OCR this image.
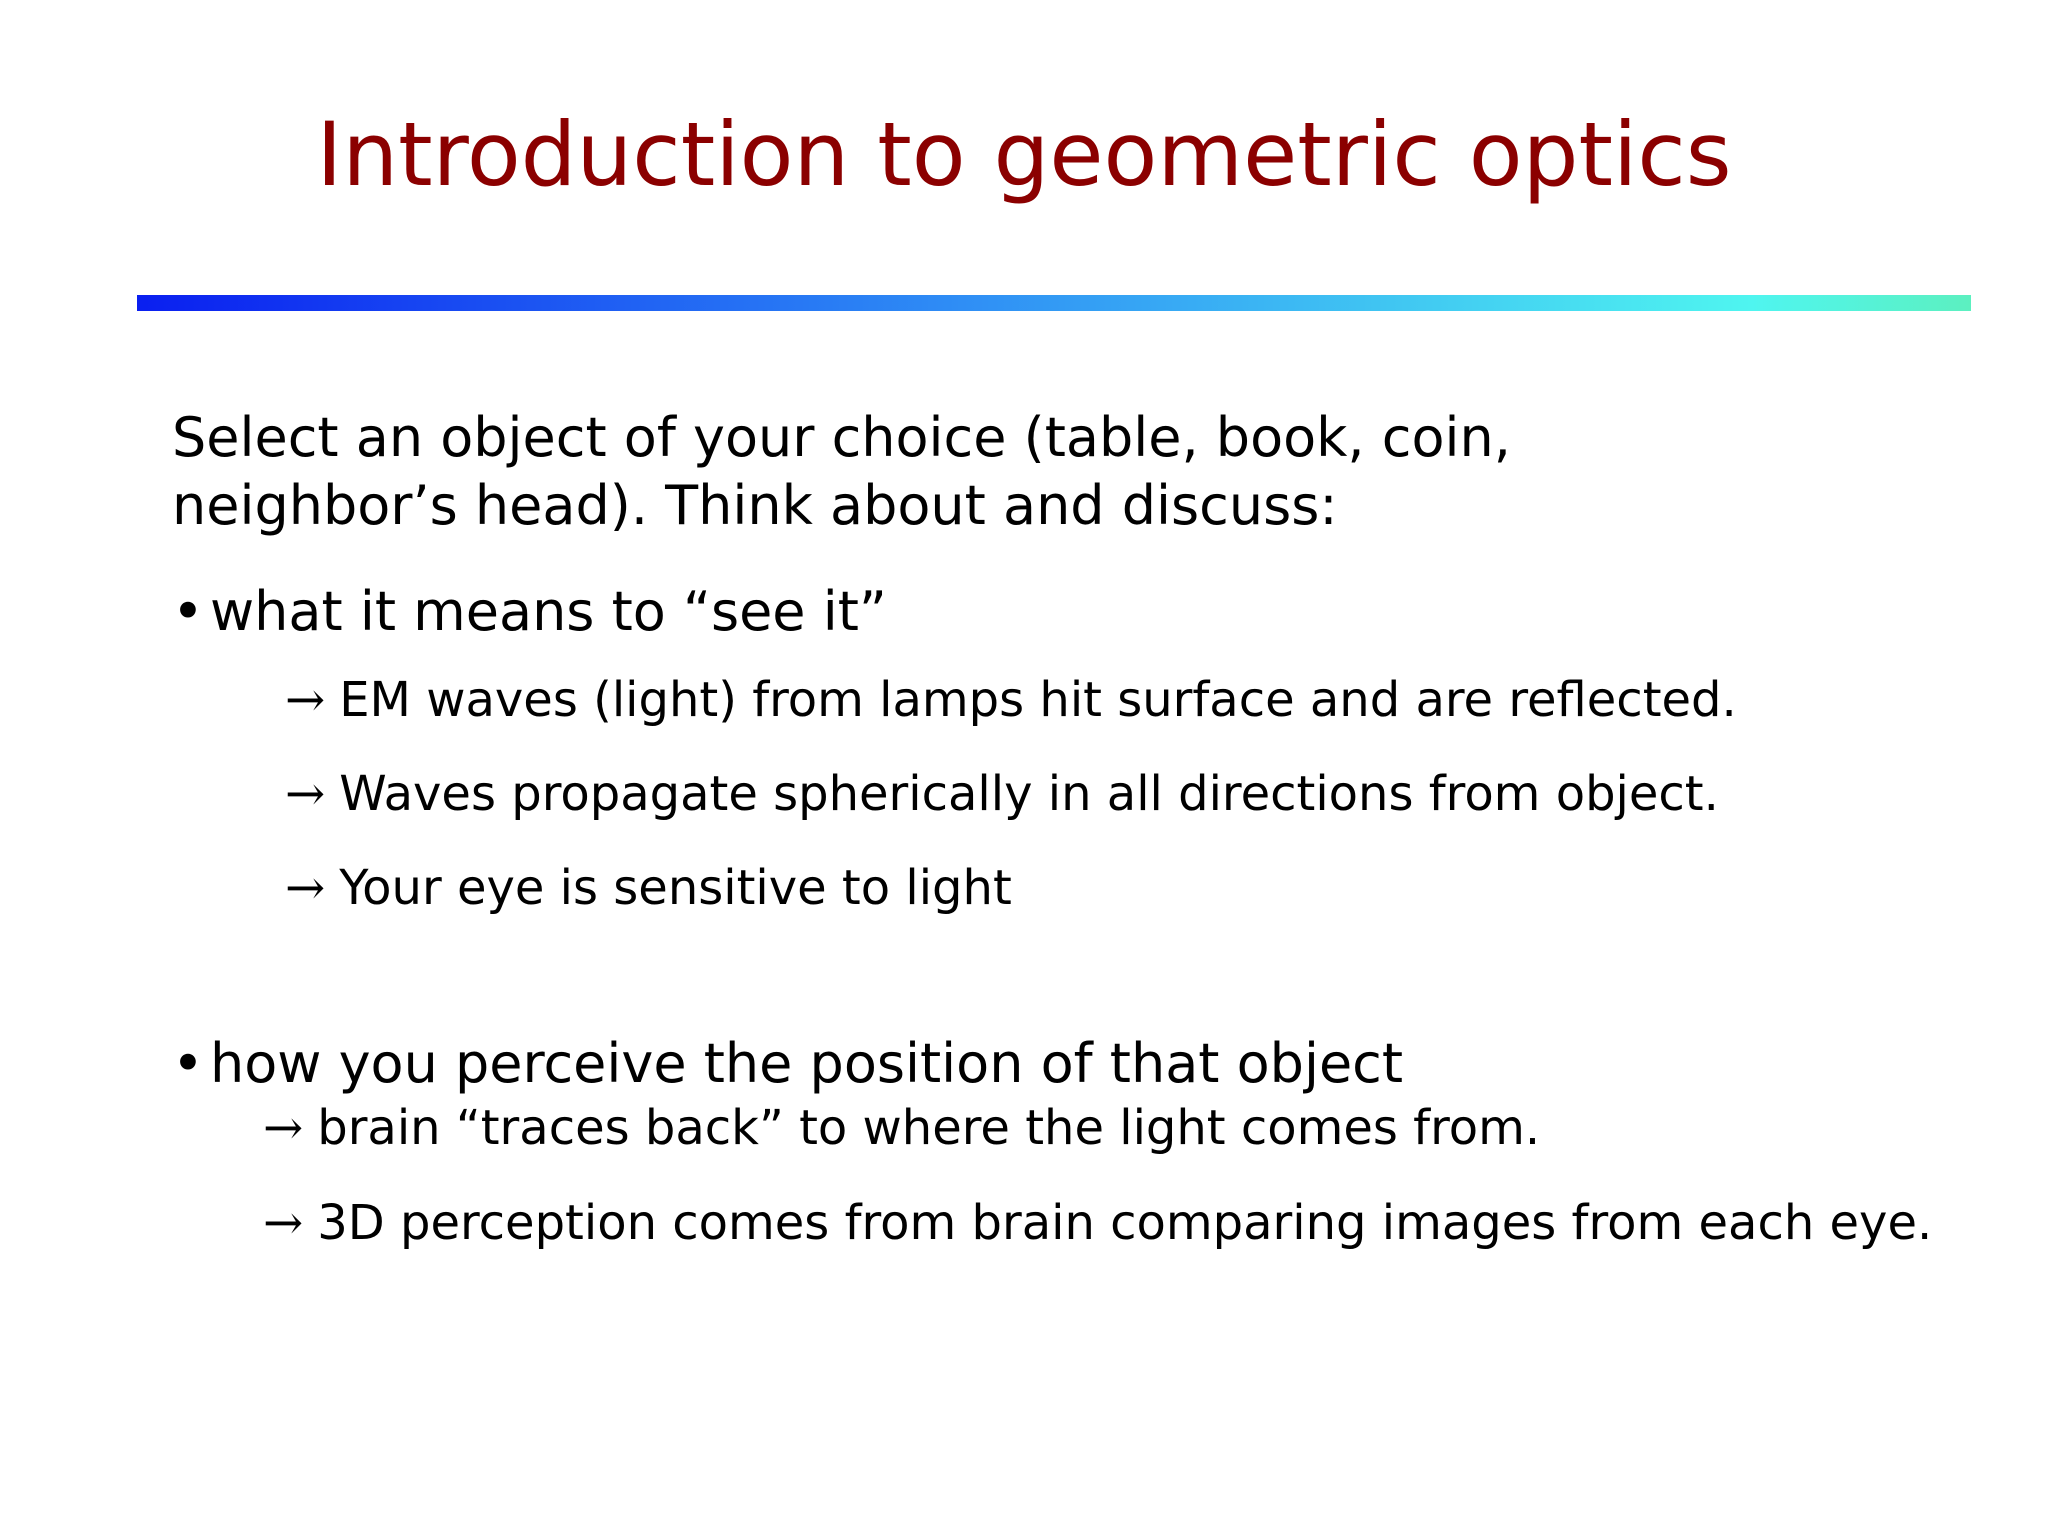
Introduction to geometric optics
Select an object of your choice (table, book, coin,
neighbor’s head). Think about and discuss:
• what it means to “see it”
→ EM waves (light) from lamps hit surface and are reflected.
→ Waves propagate spherically in all directions from object.
→ Your eye is sensitive to light
• how you perceive the position of that object
→ brain “traces back” to where the light comes from.
→ 3D perception comes from brain comparing images from each eye.
